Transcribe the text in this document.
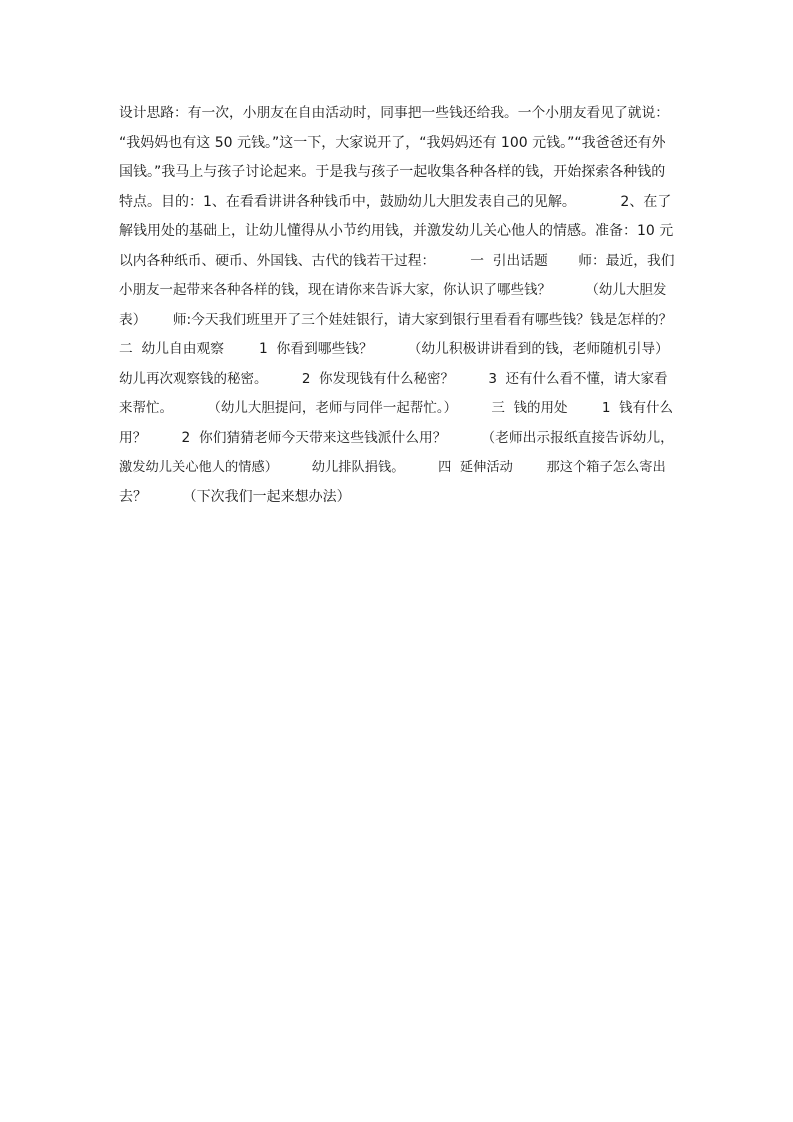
设计思路：有一次，小朋友在自由活动时，同事把一些钱还给我。一个小朋友看见了就说：
“我妈妈也有这 50 元钱。”这一下，大家说开了，“我妈妈还有 100 元钱。”“我爸爸还有外
国钱。”我马上与孩子讨论起来。于是我与孩子一起收集各种各样的钱，开始探索各种钱的
特点。目的：1、在看看讲讲各种钱币中，鼓励幼儿大胆发表自己的见解。          2、在了
解钱用处的基础上，让幼儿懂得从小节约用钱，并激发幼儿关心他人的情感。准备：10 元
以内各种纸币、硬币、外国钱、古代的钱若干过程：        一  引出话题       师：最近，我们
小朋友一起带来各种各样的钱，现在请你来告诉大家，你认识了哪些钱？        （幼儿大胆发
表）      师:今天我们班里开了三个娃娃银行，请大家到银行里看看有哪些钱？钱是怎样的？
二  幼儿自由观察        1  你看到哪些钱？        （幼儿积极讲讲看到的钱，老师随机引导）
幼儿再次观察钱的秘密。        2  你发现钱有什么秘密？        3  还有什么看不懂，请大家看
来帮忙。        （幼儿大胆提问，老师与同伴一起帮忙。）        三  钱的用处        1  钱有什么
用？        2  你们猜猜老师今天带来这些钱派什么用？        （老师出示报纸直接告诉幼儿，
激发幼儿关心他人的情感）        幼儿排队捐钱。        四  延伸活动        那这个箱子怎么寄出
去？        （下次我们一起来想办法）
